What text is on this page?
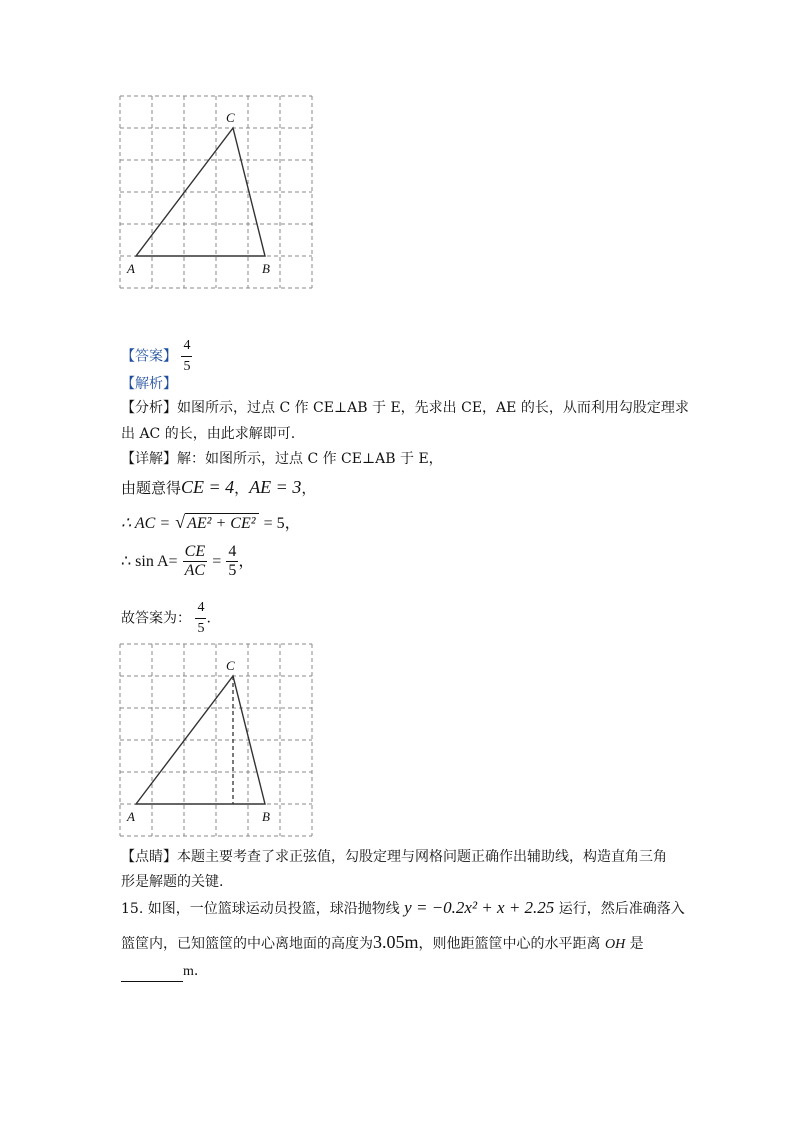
C
A	B
【答案】 $\frac{4}{5}$
【解析】
【分析】如图所示，过点 C 作 CE⊥AB 于 E，先求出 CE，AE 的长，从而利用勾股定理求
出 AC 的长，由此求解即可.
【详解】解：如图所示，过点 C 作 CE⊥AB 于 E，
由题意得CE = 4，AE = 3，
∴ AC = √ AE² + CE² = 5，
∴ $\sin A= \frac{CE}{AC} = \frac{4}{5}$ ，
故答案为： $\frac{4}{5}$ .
C
A	B
【点睛】本题主要考查了求正弦值，勾股定理与网格问题正确作出辅助线，构造直角三角
形是解题的关键.
15. 如图，一位篮球运动员投篮，球沿抛物线 y = −0.2x² + x + 2.25 运行，然后准确落入
篮筐内，已知篮筐的中心离地面的高度为3.05m，则他距篮筐中心的水平距离 OH 是
m.
